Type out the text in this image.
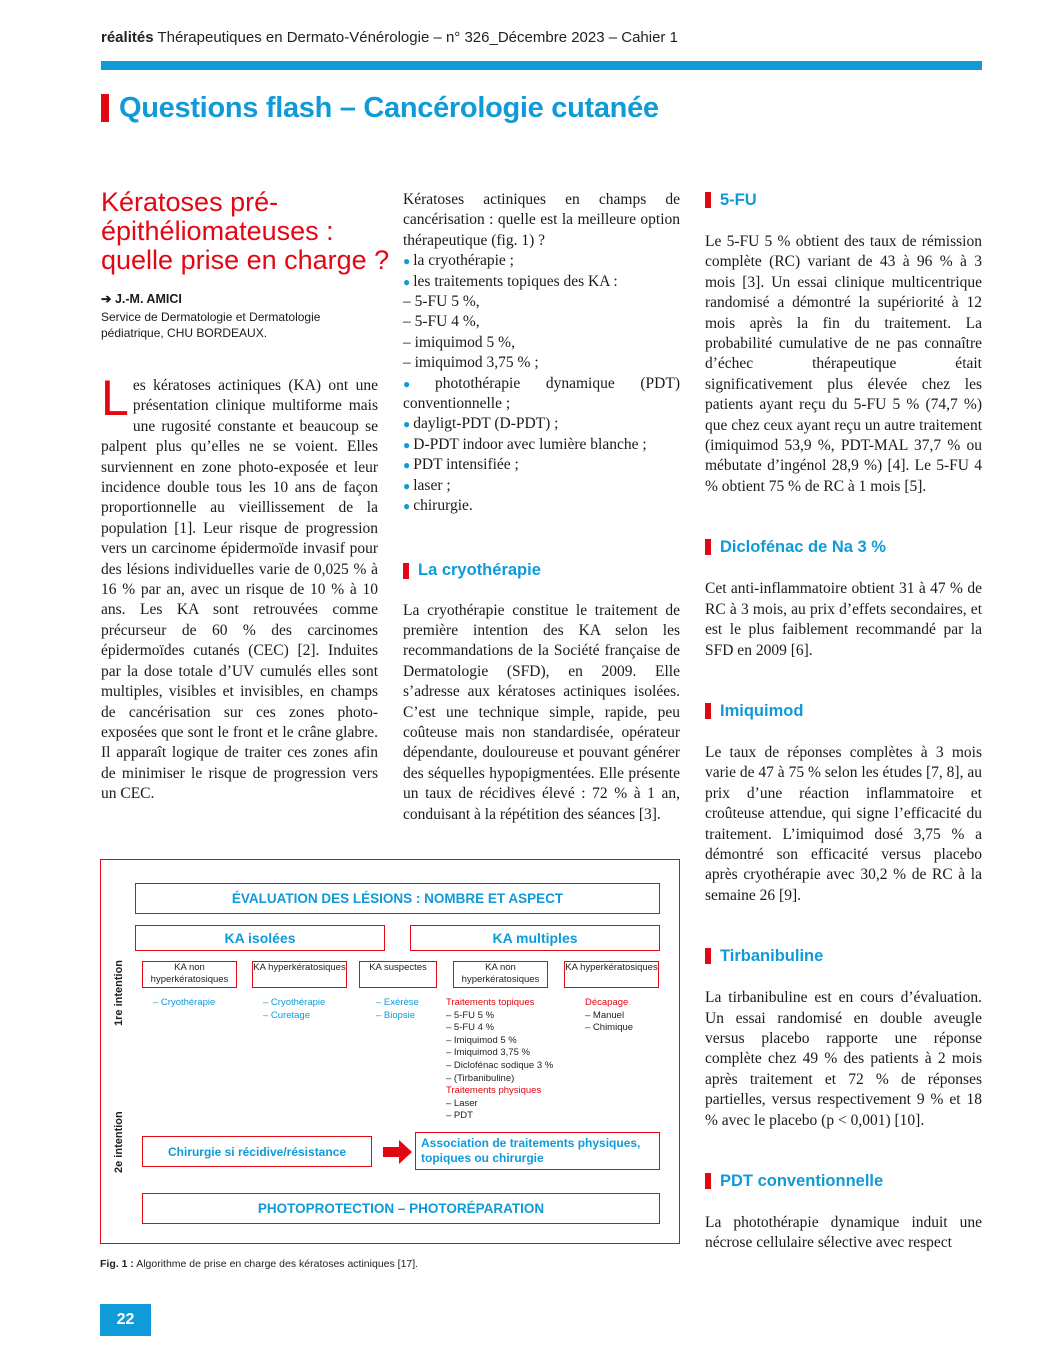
réalités Thérapeutiques en Dermato-Vénérologie – n° 326_Décembre 2023 – Cahier 1
Questions flash – Cancérologie cutanée
Kératoses pré-épithéliomateuses : quelle prise en charge ?
➔ J.-M. AMICI
Service de Dermatologie et Dermatologie pédiatrique, CHU BORDEAUX.

Les kératoses actiniques (KA) ont une présentation clinique multiforme mais une rugosité constante et beaucoup se palpent plus qu’elles ne se voient. Elles surviennent en zone photo-exposée et leur incidence double tous les 10 ans de façon proportionnelle au vieillissement de la population [1]. Leur risque de progression vers un carcinome épidermoïde invasif pour des lésions individuelles varie de 0,025 % à 16 % par an, avec un risque de 10 % à 10 ans. Les KA sont retrouvées comme précurseur de 60 % des carcinomes épidermoïdes cutanés (CEC) [2]. Induites par la dose totale d’UV cumulés elles sont multiples, visibles et invisibles, en champs de cancérisation sur ces zones photo-exposées que sont le front et le crâne glabre. Il apparaît logique de traiter ces zones afin de minimiser le risque de progression vers un CEC.

Kératoses actiniques en champs de cancérisation : quelle est la meilleure option thérapeutique (fig. 1) ?

● la cryothérapie ;

● les traitements topiques des KA :

– 5-FU 5 %,

– 5-FU 4 %,

– imiquimod 5 %,

– imiquimod 3,75 % ;

● photothérapie dynamique (PDT) conventionnelle ;

● dayligt-PDT (D-PDT) ;

● D-PDT indoor avec lumière blanche ;

● PDT intensifiée ;

● laser ;

● chirurgie.

La cryothérapie

La cryothérapie constitue le traitement de première intention des KA selon les recommandations de la Société française de Dermatologie (SFD), en 2009. Elle s’adresse aux kératoses actiniques isolées. C’est une technique simple, rapide, peu coûteuse mais non standardisée, opérateur dépendante, douloureuse et pouvant générer des séquelles hypopigmentées. Elle présente un taux de récidives élevé : 72 % à 1 an, conduisant à la répétition des séances [3].

5-FU

Le 5-FU 5 % obtient des taux de rémission complète (RC) variant de 43 à 96 % à 3 mois [3]. Un essai clinique multicentrique randomisé a démontré la supériorité à 12 mois après la fin du traitement. La probabilité cumulative de ne pas connaître d’échec thérapeutique était significativement plus élevée chez les patients ayant reçu du 5-FU 5 % (74,7 %) que chez ceux ayant reçu un autre traitement (imiquimod 53,9 %, PDT-MAL 37,7 % ou mébutate d’ingénol 28,9 %) [4]. Le 5-FU 4 % obtient 75 % de RC à 1 mois [5].

Diclofénac de Na 3 %

Cet anti-inflammatoire obtient 31 à 47 % de RC à 3 mois, au prix d’effets secondaires, et est le plus faiblement recommandé par la SFD en 2009 [6].

Imiquimod

Le taux de réponses complètes à 3 mois varie de 47 à 75 % selon les études [7, 8], au prix d’une réaction inflammatoire et croûteuse attendue, qui signe l’efficacité du traitement. L’imiquimod dosé 3,75 % a démontré son efficacité versus placebo après cryothérapie avec 30,2 % de RC à la semaine 26 [9].

Tirbanibuline

La tirbanibuline est en cours d’évaluation. Un essai randomisé en double aveugle versus placebo rapporte une réponse complète chez 49 % des patients à 2 mois après traitement et 72 % de réponses partielles, versus respectivement 9 % et 18 % avec le placebo (p < 0,001) [10].

PDT conventionnelle

La photothérapie dynamique induit une nécrose cellulaire sélective avec respect

ÉVALUATION DES LÉSIONS : NOMBRE ET ASPECT
KA isolées	KA multiples
1re intention
2e intention
KA non hyperkératosiques
KA hyperkératosiques	KA suspectes	KA non hyperkératosiques
KA hyperkératosiques
– Cryothérapie	– Cryothérapie
– Curetage
– Exérèse
– Biopsie
Traitements topiques
– 5-FU 5 %
– 5-FU 4 %
– Imiquimod 5 %
– Imiquimod 3,75 %
– Diclofénac sodique 3 %
– (Tirbanibuline)
Traitements physiques
– Laser
– PDT
Décapage
– Manuel
– Chimique
Chirurgie si récidive/résistance
Association de traitements physiques, topiques ou chirurgie
PHOTOPROTECTION – PHOTORÉPARATION
Fig. 1 : Algorithme de prise en charge des kératoses actiniques [17].
22
